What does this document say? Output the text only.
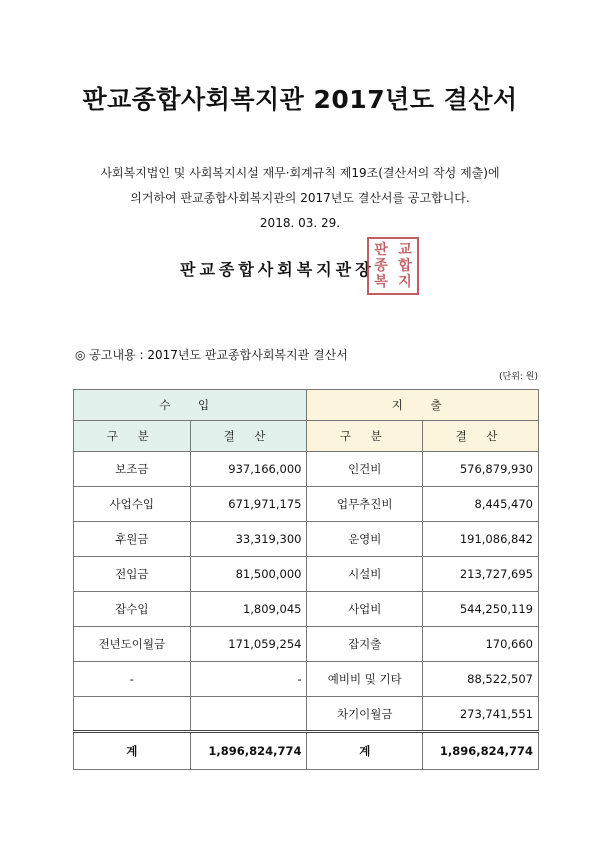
판교종합사회복지관 2017년도 결산서
사회복지법인 및 사회복지시설 재무·회계규칙 제19조(결산서의 작성 제출)에
의거하여 판교종합사회복지관의 2017년도 결산서를 공고합니다.
2018. 03. 29.
판교종합사회복지관장
판 교
종 합
복 지
◎ 공고내용 : 2017년도 판교종합사회복지관 결산서
(단위: 원)
수 입		지 출	
구 분	결 산	구 분	결 산
보조금	937,166,000	인건비	576,879,930
사업수입	671,971,175	업무추진비	8,445,470
후원금	33,319,300	운영비	191,086,842
전입금	81,500,000	시설비	213,727,695
잡수입	1,809,045	사업비	544,250,119
전년도이월금	171,059,254	잡지출	170,660
-	-	예비비 및 기타	88,522,507
		차기이월금	273,741,551
계	1,896,824,774	계	1,896,824,774
